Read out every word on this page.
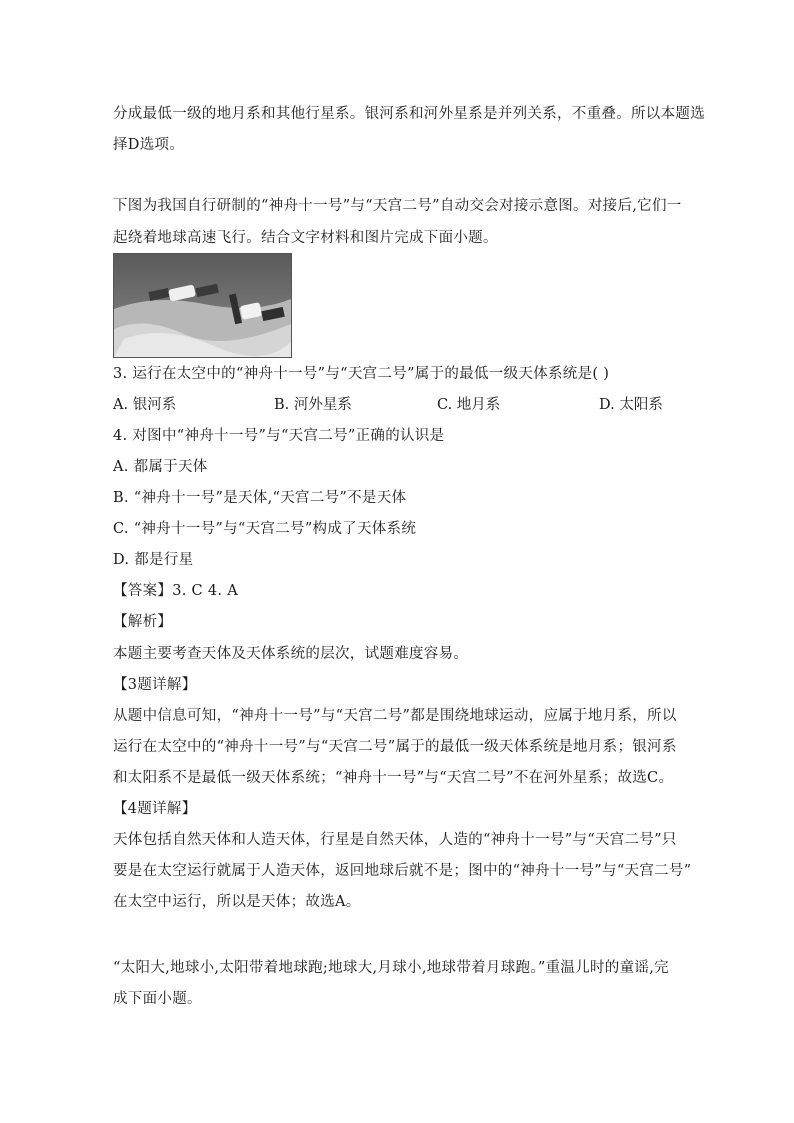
分成最低一级的地月系和其他行星系。银河系和河外星系是并列关系，不重叠。所以本题选
择D选项。
下图为我国自行研制的“神舟十一号”与“天宫二号”自动交会对接示意图。对接后,它们一
起绕着地球高速飞行。结合文字材料和图片完成下面小题。
3. 运行在太空中的“神舟十一号”与“天宫二号”属于的最低一级天体系统是( )
A. 银河系	B. 河外星系	C. 地月系	D. 太阳系
4. 对图中“神舟十一号”与“天宫二号”正确的认识是
A. 都属于天体
B. “神舟十一号”是天体,“天宫二号”不是天体
C. “神舟十一号”与“天宫二号”构成了天体系统
D. 都是行星
【答案】3. C 4. A
【解析】
本题主要考查天体及天体系统的层次，试题难度容易。
【3题详解】
从题中信息可知，“神舟十一号”与“天宫二号”都是围绕地球运动，应属于地月系，所以
运行在太空中的“神舟十一号”与“天宫二号”属于的最低一级天体系统是地月系；银河系
和太阳系不是最低一级天体系统；“神舟十一号”与“天宫二号”不在河外星系；故选C。
【4题详解】
天体包括自然天体和人造天体，行星是自然天体，人造的“神舟十一号”与“天宫二号”只
要是在太空运行就属于人造天体，返回地球后就不是；图中的“神舟十一号”与“天宫二号”
在太空中运行，所以是天体；故选A。
“太阳大,地球小,太阳带着地球跑;地球大,月球小,地球带着月球跑。”重温儿时的童谣,完
成下面小题。
